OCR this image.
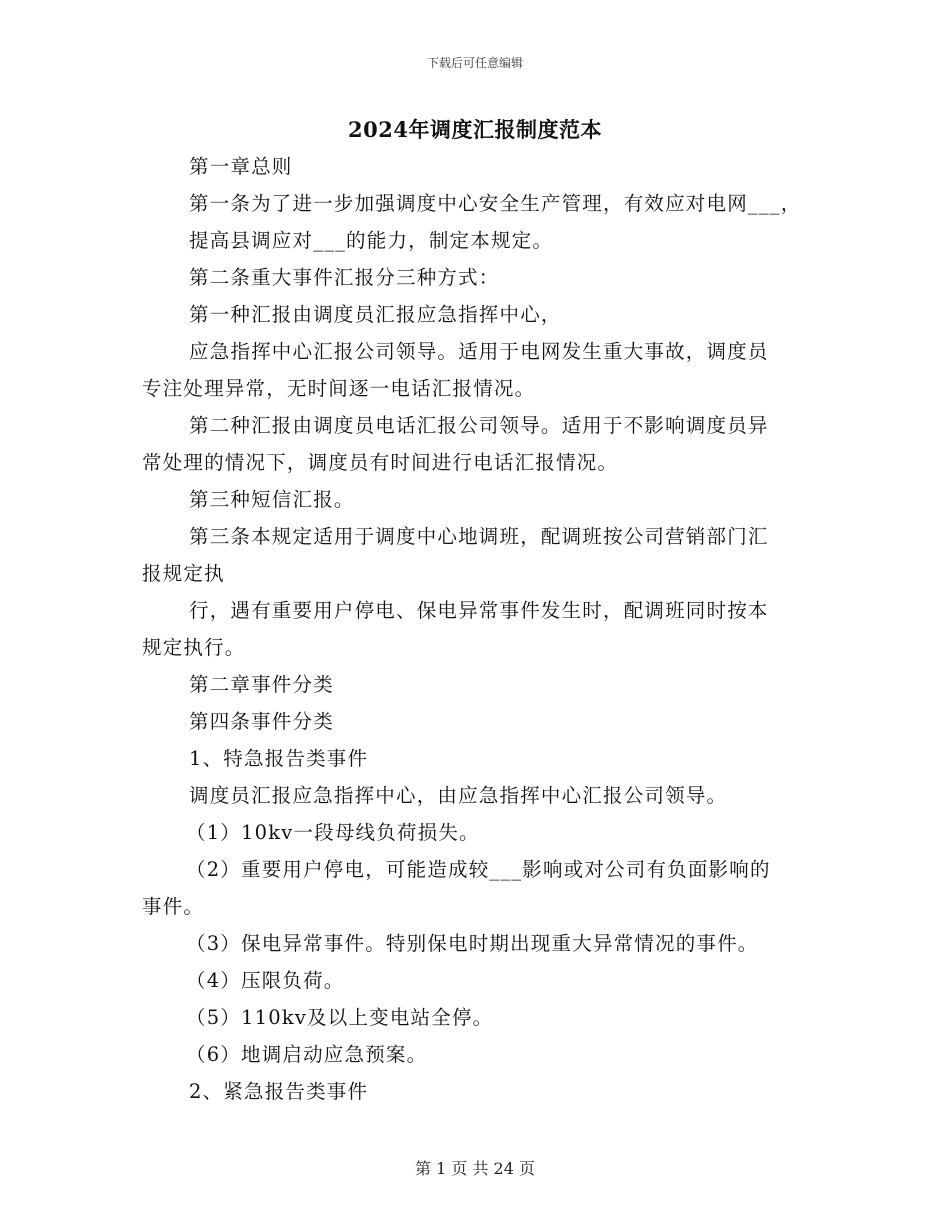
下载后可任意编辑
2024年调度汇报制度范本

第一章总则

第一条为了进一步加强调度中心安全生产管理，有效应对电网___，

提高县调应对___的能力，制定本规定。

第二条重大事件汇报分三种方式：

第一种汇报由调度员汇报应急指挥中心，

应急指挥中心汇报公司领导。适用于电网发生重大事故，调度员

专注处理异常，无时间逐一电话汇报情况。

第二种汇报由调度员电话汇报公司领导。适用于不影响调度员异

常处理的情况下，调度员有时间进行电话汇报情况。

第三种短信汇报。

第三条本规定适用于调度中心地调班，配调班按公司营销部门汇

报规定执

行，遇有重要用户停电、保电异常事件发生时，配调班同时按本

规定执行。

第二章事件分类

第四条事件分类

1、特急报告类事件

调度员汇报应急指挥中心，由应急指挥中心汇报公司领导。

（1）10kv一段母线负荷损失。

（2）重要用户停电，可能造成较___影响或对公司有负面影响的

事件。

（3）保电异常事件。特别保电时期出现重大异常情况的事件。

（4）压限负荷。

（5）110kv及以上变电站全停。

（6）地调启动应急预案。

2、紧急报告类事件

第 1 页 共 24 页
